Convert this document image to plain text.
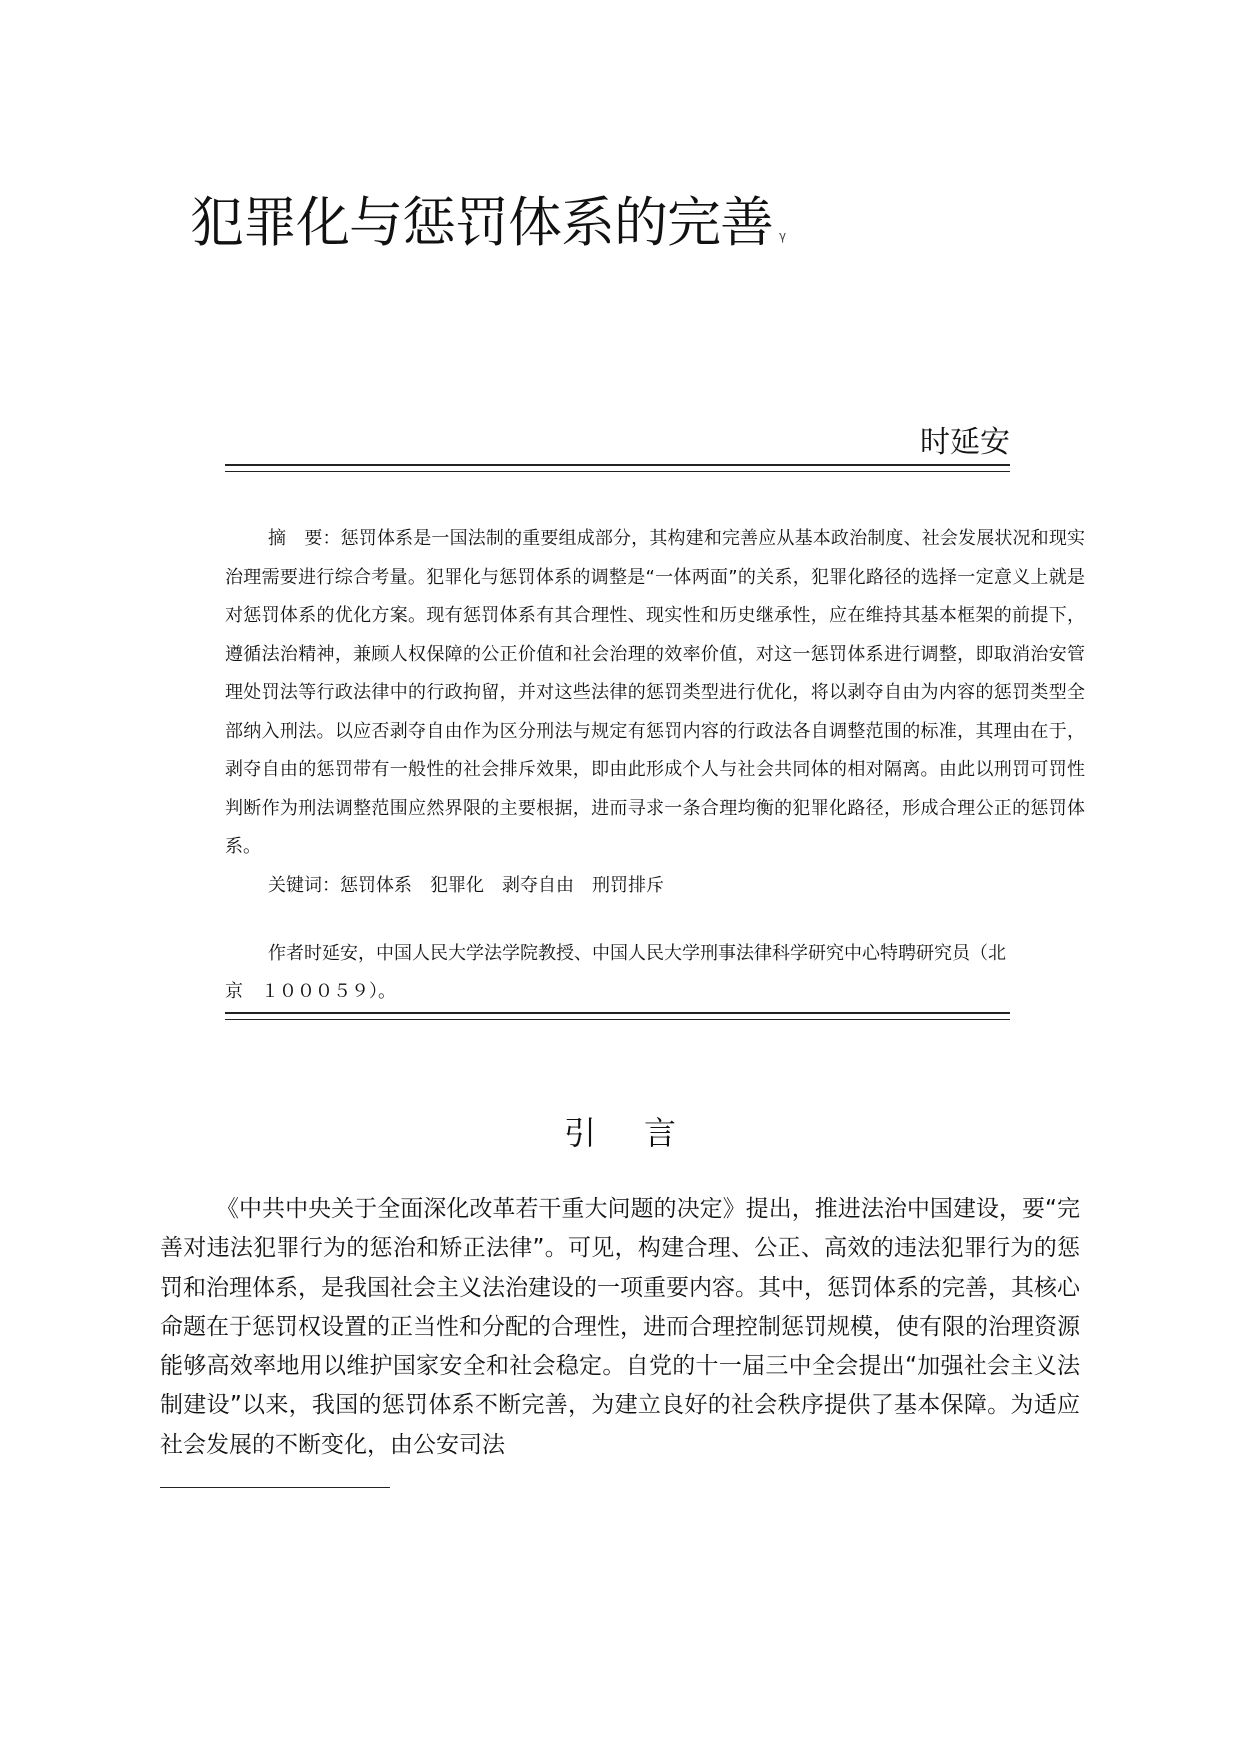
犯罪化与惩罚体系的完善 $^\gamma$
时延安

摘　要：惩罚体系是一国法制的重要组成部分，其构建和完善应从基本政治制度、社会发展状况和现实治理需要进行综合考量。犯罪化与惩罚体系的调整是“一体两面”的关系，犯罪化路径的选择一定意义上就是对惩罚体系的优化方案。现有惩罚体系有其合理性、现实性和历史继承性，应在维持其基本框架的前提下，遵循法治精神，兼顾人权保障的公正价值和社会治理的效率价值，对这一惩罚体系进行调整，即取消治安管理处罚法等行政法律中的行政拘留，并对这些法律的惩罚类型进行优化，将以剥夺自由为内容的惩罚类型全部纳入刑法。以应否剥夺自由作为区分刑法与规定有惩罚内容的行政法各自调整范围的标准，其理由在于，剥夺自由的惩罚带有一般性的社会排斥效果，即由此形成个人与社会共同体的相对隔离。由此以刑罚可罚性判断作为刑法调整范围应然界限的主要根据，进而寻求一条合理均衡的犯罪化路径，形成合理公正的惩罚体系。

关键词：惩罚体系 犯罪化 剥夺自由 刑罚排斥

作者时延安，中国人民大学法学院教授、中国人民大学刑事法律科学研究中心特聘研究员（北

京　１０００５９）。

引言

《中共中央关于全面深化改革若干重大问题的决定》提出，推进法治中国建设，要“完善对违法犯罪行为的惩治和矫正法律”。可见，构建合理、公正、高效的违法犯罪行为的惩罚和治理体系，是我国社会主义法治建设的一项重要内容。其中，惩罚体系的完善，其核心命题在于惩罚权设置的正当性和分配的合理性，进而合理控制惩罚规模，使有限的治理资源能够高效率地用以维护国家安全和社会稳定。自党的十一届三中全会提出“加强社会主义法制建设”以来，我国的惩罚体系不断完善，为建立良好的社会秩序提供了基本保障。为适应社会发展的不断变化，由公安司法
